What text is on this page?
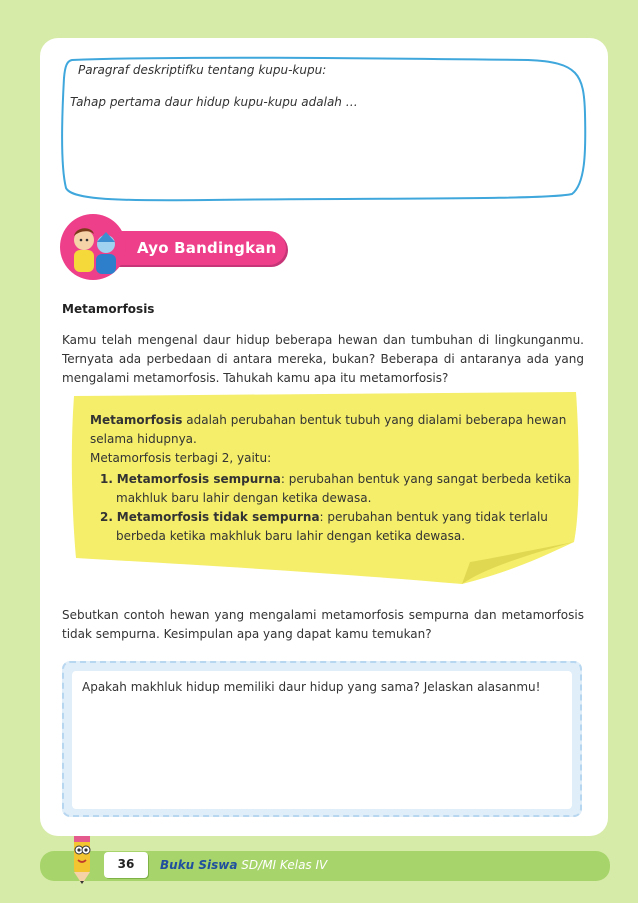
Paragraf deskriptifku tentang kupu-kupu:
Tahap pertama daur hidup kupu-kupu adalah …
Ayo Bandingkan
Metamorfosis
Kamu telah mengenal daur hidup beberapa hewan dan tumbuhan di lingkunganmu. Ternyata ada perbedaan di antara mereka, bukan? Beberapa di antaranya ada yang mengalami metamorfosis. Tahukah kamu apa itu metamorfosis?
Metamorfosis adalah perubahan bentuk tubuh yang dialami beberapa hewan selama hidupnya.
Metamorfosis terbagi 2, yaitu:
1. Metamorfosis sempurna: perubahan bentuk yang sangat berbeda ketika makhluk baru lahir dengan ketika dewasa.
2. Metamorfosis tidak sempurna: perubahan bentuk yang tidak terlalu berbeda ketika makhluk baru lahir dengan ketika dewasa.
Sebutkan contoh hewan yang mengalami metamorfosis sempurna dan metamorfosis tidak sempurna. Kesimpulan apa yang dapat kamu temukan?
Apakah makhluk hidup memiliki daur hidup yang sama? Jelaskan alasanmu!
36	Buku Siswa SD/MI Kelas IV
